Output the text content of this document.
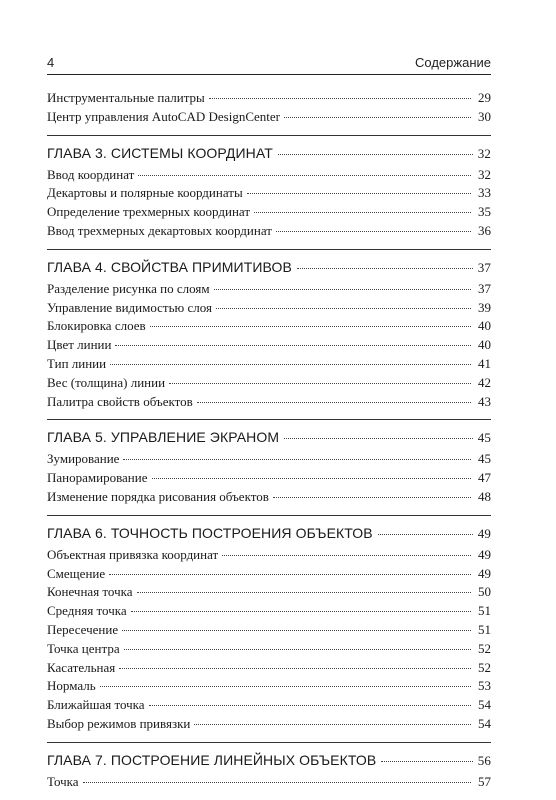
4	Содержание
Инструментальные палитры	29
Центр управления AutoCAD DesignCenter	30
ГЛАВА 3. СИСТЕМЫ КООРДИНАТ	32
Ввод координат	32
Декартовы и полярные координаты	33
Определение трехмерных координат	35
Ввод трехмерных декартовых координат	36
ГЛАВА 4. СВОЙСТВА ПРИМИТИВОВ	37
Разделение рисунка по слоям	37
Управление видимостью слоя	39
Блокировка слоев	40
Цвет линии	40
Тип линии	41
Вес (толщина) линии	42
Палитра свойств объектов	43
ГЛАВА 5. УПРАВЛЕНИЕ ЭКРАНОМ	45
Зумирование	45
Панорамирование	47
Изменение порядка рисования объектов	48
ГЛАВА 6. ТОЧНОСТЬ ПОСТРОЕНИЯ ОБЪЕКТОВ	49
Объектная привязка координат	49
Смещение	49
Конечная точка	50
Средняя точка	51
Пересечение	51
Точка центра	52
Касательная	52
Нормаль	53
Ближайшая точка	54
Выбор режимов привязки	54
ГЛАВА 7. ПОСТРОЕНИЕ ЛИНЕЙНЫХ ОБЪЕКТОВ	56
Точка	57
